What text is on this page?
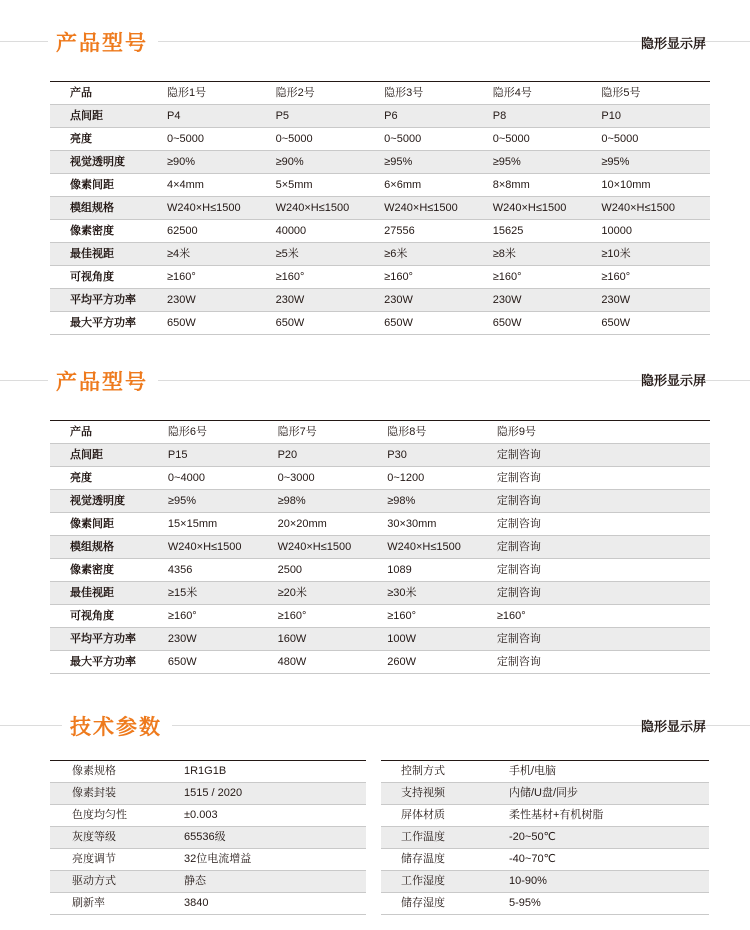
产品型号	隐形显示屏
产品	隐形1号	隐形2号	隐形3号	隐形4号	隐形5号
点间距	P4	P5	P6	P8	P10
亮度	0~5000	0~5000	0~5000	0~5000	0~5000
视觉透明度	≥90%	≥90%	≥95%	≥95%	≥95%
像素间距	4×4mm	5×5mm	6×6mm	8×8mm	10×10mm
模组规格	W240×H≤1500	W240×H≤1500	W240×H≤1500	W240×H≤1500	W240×H≤1500
像素密度	62500	40000	27556	15625	10000
最佳视距	≥4米	≥5米	≥6米	≥8米	≥10米
可视角度	≥160°	≥160°	≥160°	≥160°	≥160°
平均平方功率	230W	230W	230W	230W	230W
最大平方功率	650W	650W	650W	650W	650W
产品型号	隐形显示屏
产品	隐形6号	隐形7号	隐形8号	隐形9号	
点间距	P15	P20	P30	定制咨询	
亮度	0~4000	0~3000	0~1200	定制咨询	
视觉透明度	≥95%	≥98%	≥98%	定制咨询	
像素间距	15×15mm	20×20mm	30×30mm	定制咨询	
模组规格	W240×H≤1500	W240×H≤1500	W240×H≤1500	定制咨询	
像素密度	4356	2500	1089	定制咨询	
最佳视距	≥15米	≥20米	≥30米	定制咨询	
可视角度	≥160°	≥160°	≥160°	≥160°	
平均平方功率	230W	160W	100W	定制咨询	
最大平方功率	650W	480W	260W	定制咨询	
技术参数	隐形显示屏
像素规格	1R1G1B
像素封装	1515 / 2020
色度均匀性	±0.003
灰度等级	65536级
亮度调节	32位电流增益
驱动方式	静态
刷新率	3840
控制方式	手机/电脑
支持视频	内储/U盘/同步
屏体材质	柔性基材+有机树脂
工作温度	-20~50℃
储存温度	-40~70℃
工作湿度	10-90%
储存湿度	5-95%
